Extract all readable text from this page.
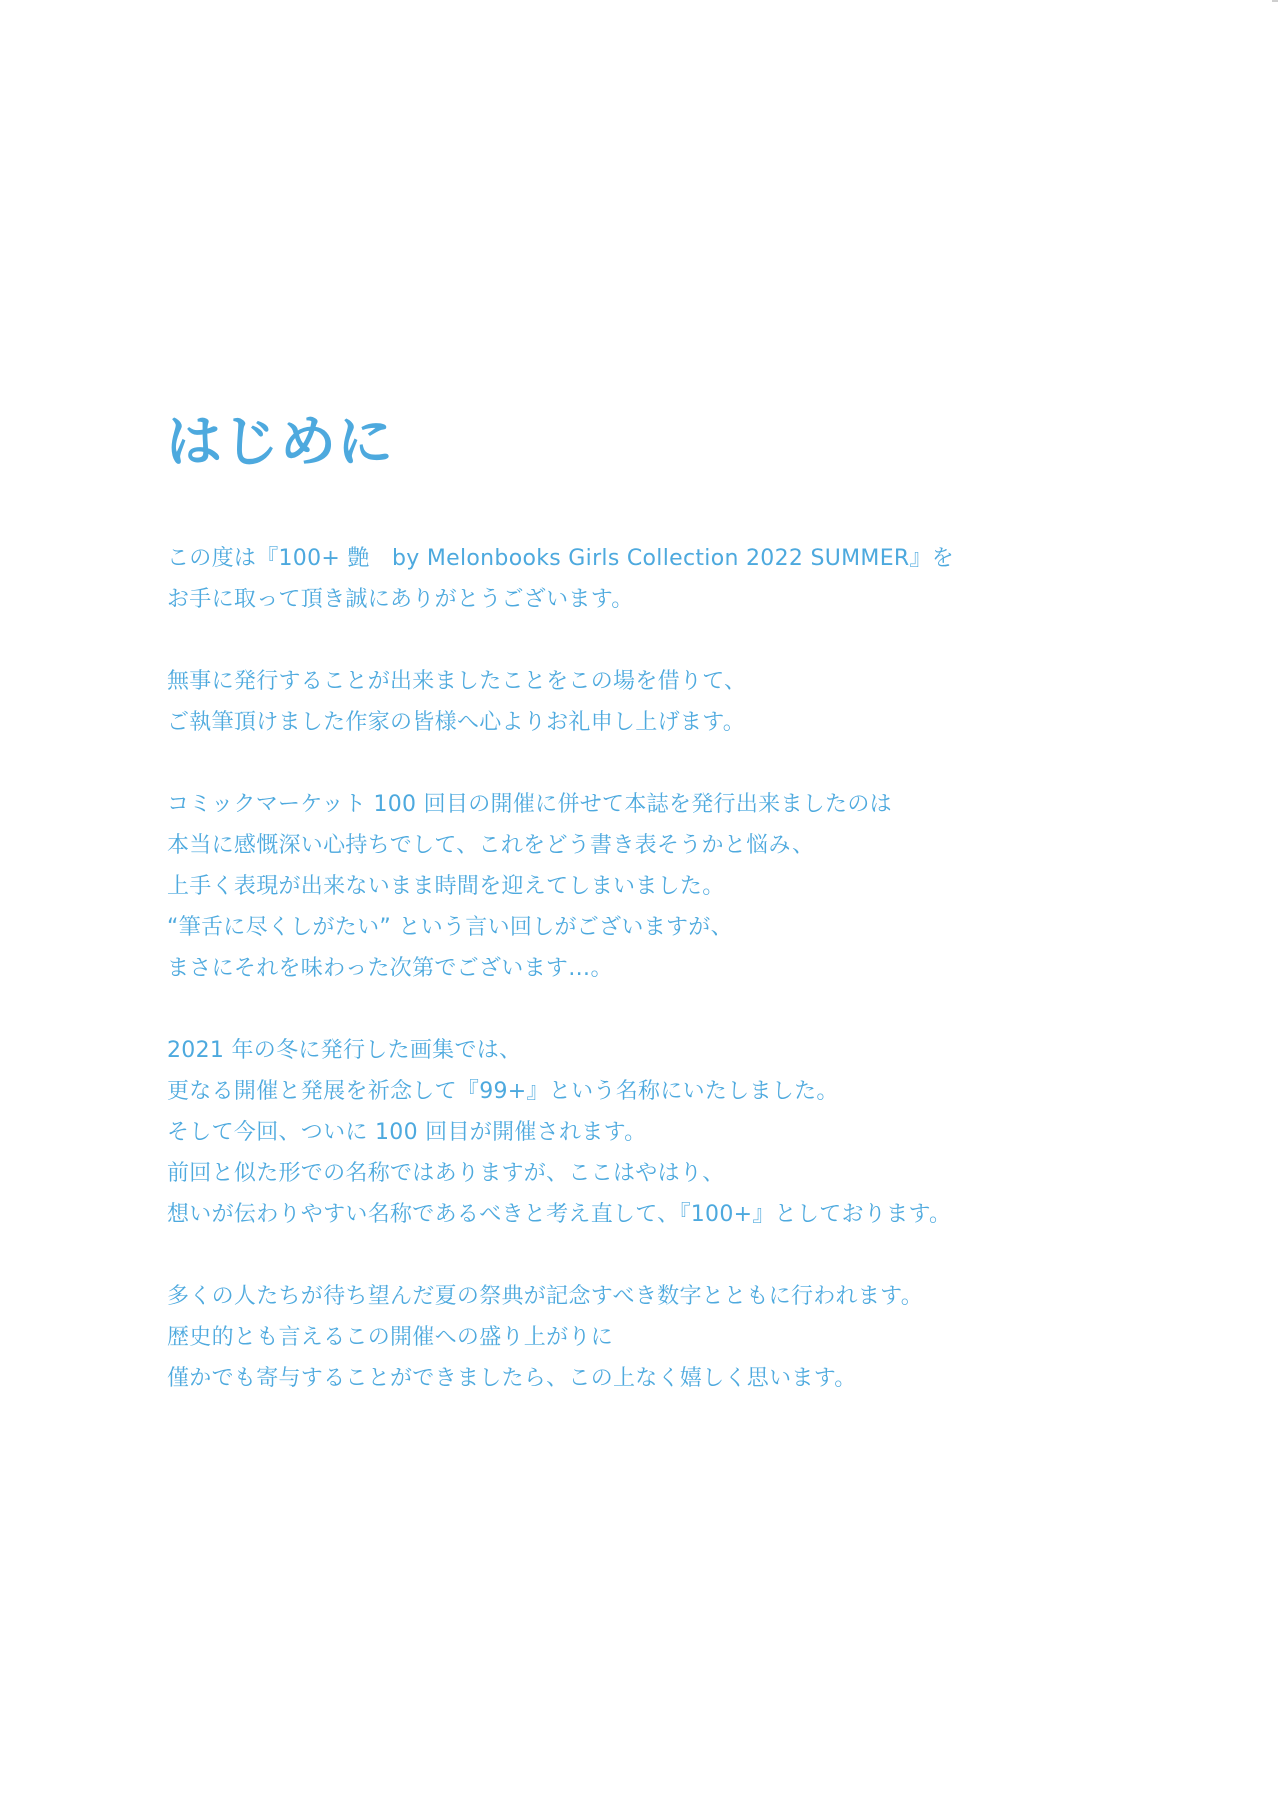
はじめに

この度は『100+ 艶　by Melonbooks Girls Collection 2022 SUMMER』を
お手に取って頂き誠にありがとうございます。

無事に発行することが出来ましたことをこの場を借りて、
ご執筆頂けました作家の皆様へ心よりお礼申し上げます。

コミックマーケット 100 回目の開催に併せて本誌を発行出来ましたのは
本当に感慨深い心持ちでして、これをどう書き表そうかと悩み、
上手く表現が出来ないまま時間を迎えてしまいました。
“筆舌に尽くしがたい” という言い回しがございますが、
まさにそれを味わった次第でございます…。

2021 年の冬に発行した画集では、
更なる開催と発展を祈念して『99+』という名称にいたしました。
そして今回、ついに 100 回目が開催されます。
前回と似た形での名称ではありますが、ここはやはり、
想いが伝わりやすい名称であるべきと考え直して、『100+』としております。

多くの人たちが待ち望んだ夏の祭典が記念すべき数字とともに行われます。
歴史的とも言えるこの開催への盛り上がりに
僅かでも寄与することができましたら、この上なく嬉しく思います。
